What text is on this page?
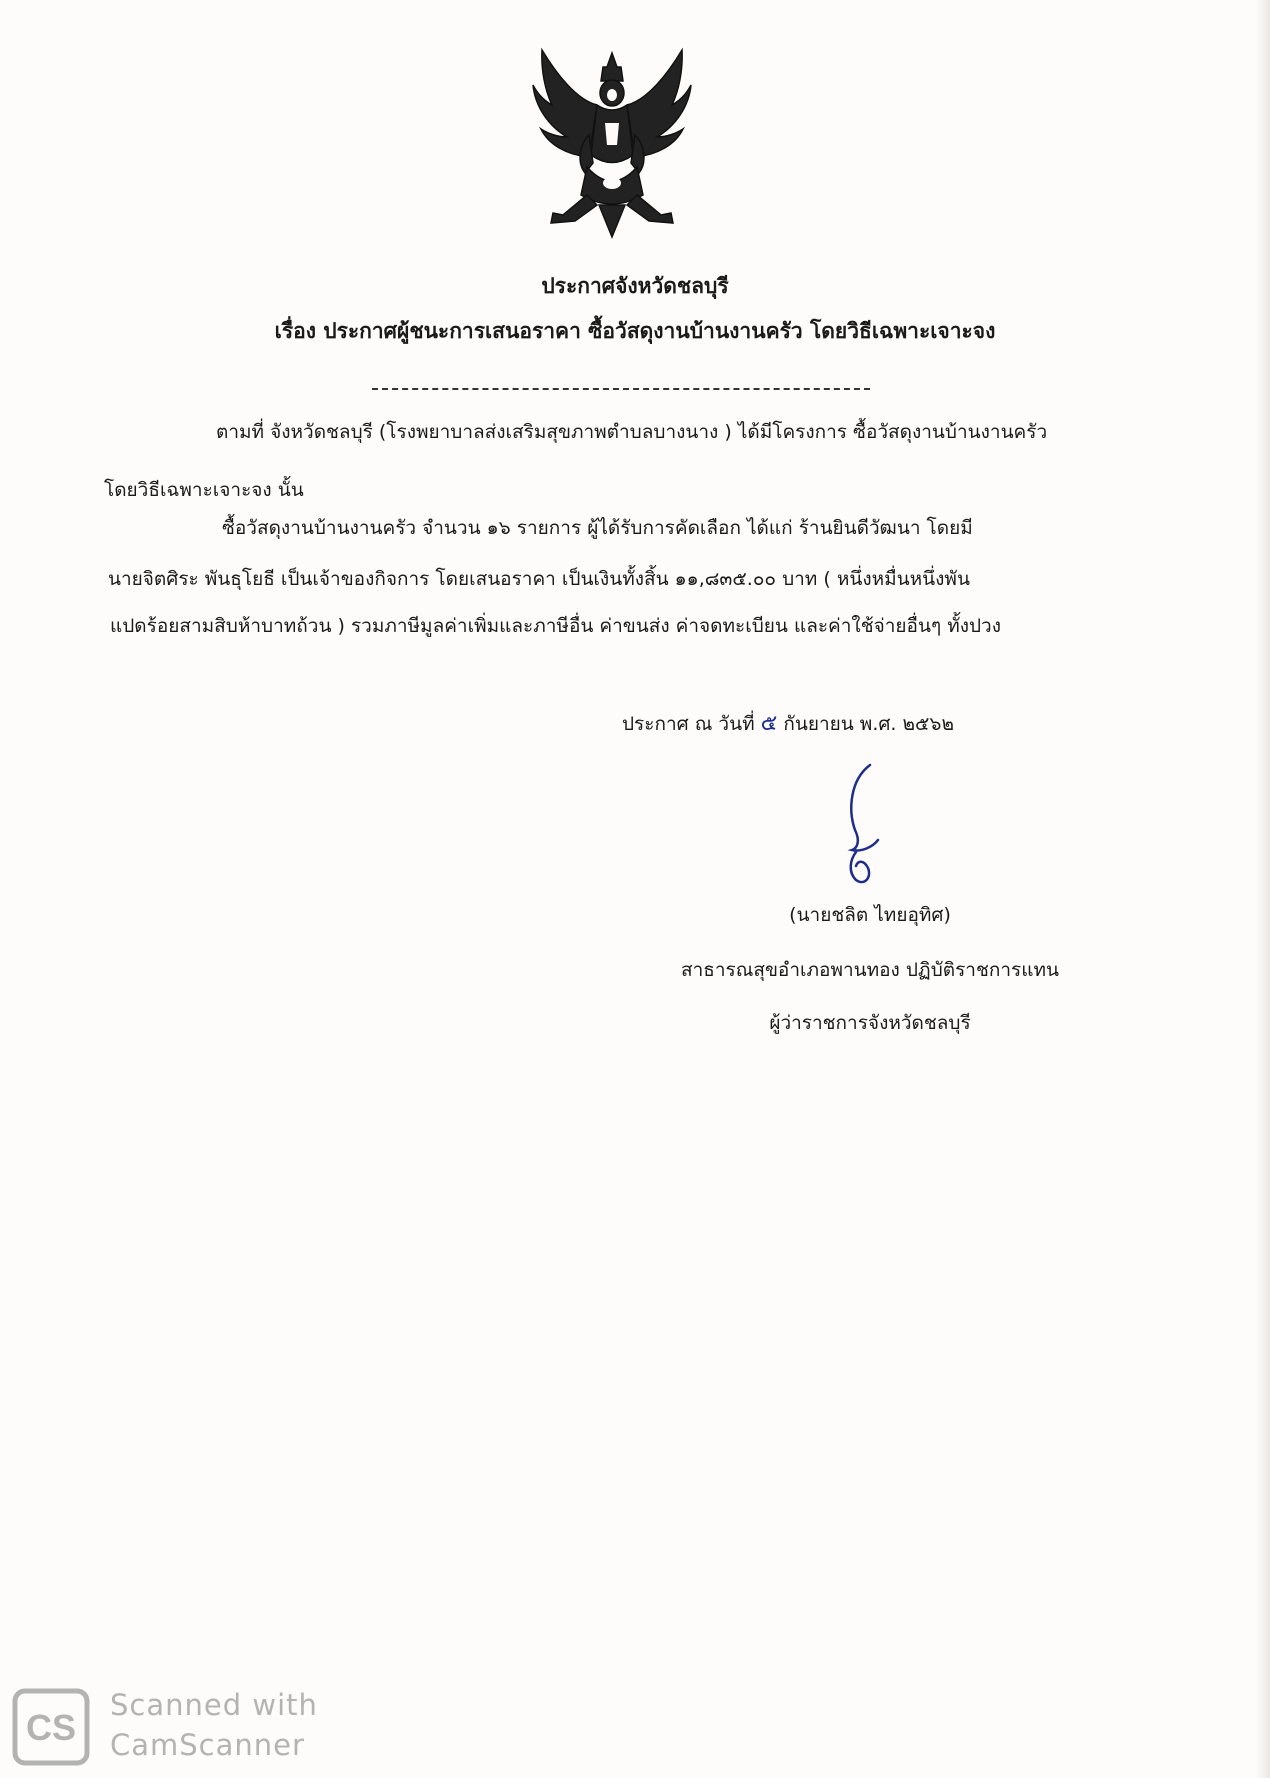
ประกาศจังหวัดชลบุรี
เรื่อง ประกาศผู้ชนะการเสนอราคา ซื้อวัสดุงานบ้านงานครัว โดยวิธีเฉพาะเจาะจง
ตามที่ จังหวัดชลบุรี (โรงพยาบาลส่งเสริมสุขภาพตำบลบางนาง ) ได้มีโครงการ ซื้อวัสดุงานบ้านงานครัว
โดยวิธีเฉพาะเจาะจง นั้น
ซื้อวัสดุงานบ้านงานครัว จำนวน ๑๖ รายการ ผู้ได้รับการคัดเลือก ได้แก่ ร้านยินดีวัฒนา โดยมี
นายจิตศิระ พันธุโยธี เป็นเจ้าของกิจการ โดยเสนอราคา เป็นเงินทั้งสิ้น ๑๑,๘๓๕.๐๐ บาท ( หนึ่งหมื่นหนึ่งพัน
แปดร้อยสามสิบห้าบาทถ้วน ) รวมภาษีมูลค่าเพิ่มและภาษีอื่น ค่าขนส่ง ค่าจดทะเบียน และค่าใช้จ่ายอื่นๆ ทั้งปวง
ประกาศ ณ วันที่ ๕ กันยายน พ.ศ. ๒๕๖๒
(นายชลิต ไทยอุทิศ)
สาธารณสุขอำเภอพานทอง ปฏิบัติราชการแทน
ผู้ว่าราชการจังหวัดชลบุรี
CS
Scanned with
CamScanner
